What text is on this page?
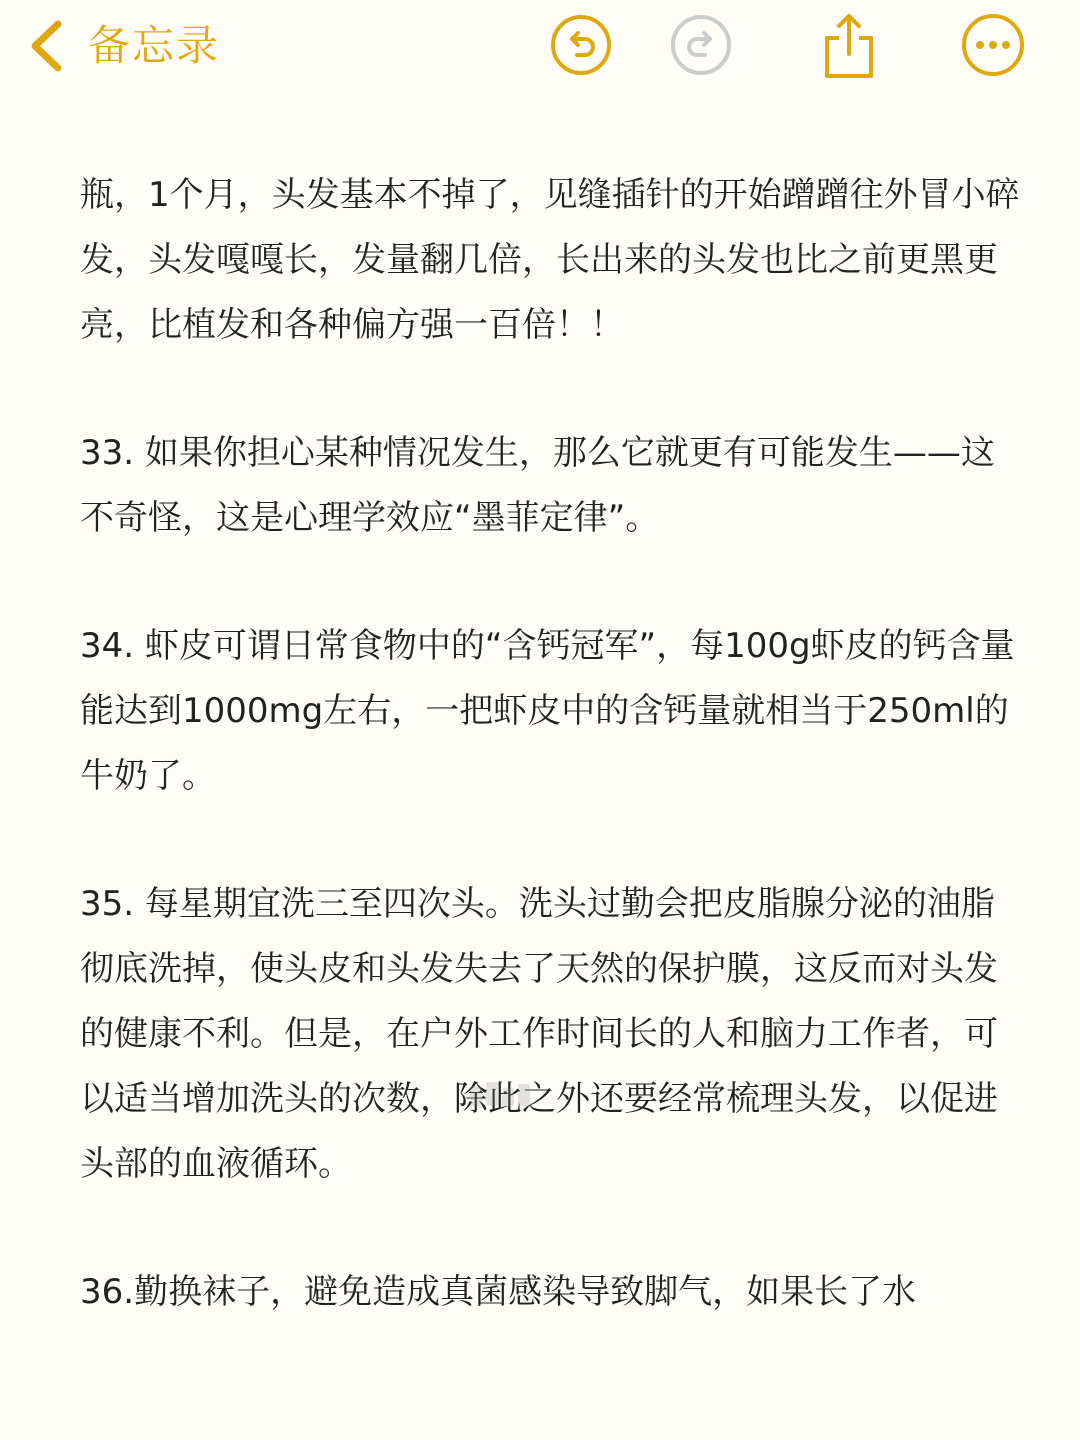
备忘录

瓶，1个月，头发基本不掉了，见缝插针的开始蹭蹭往外冒小碎发，头发嘎嘎长，发量翻几倍，长出来的头发也比之前更黑更亮，比植发和各种偏方强一百倍！！

33. 如果你担心某种情况发生，那么它就更有可能发生——这不奇怪，这是心理学效应“墨菲定律”。

34. 虾皮可谓日常食物中的“含钙冠军”，每100g虾皮的钙含量能达到1000mg左右，一把虾皮中的含钙量就相当于250ml的牛奶了。

35. 每星期宜洗三至四次头。洗头过勤会把皮脂腺分泌的油脂彻底洗掉，使头皮和头发失去了天然的保护膜，这反而对头发的健康不利。但是，在户外工作时间长的人和脑力工作者，可以适当增加洗头的次数，除此之外还要经常梳理头发，以促进头部的血液循环。

36.勤换袜子，避免造成真菌感染导致脚气，如果长了水
